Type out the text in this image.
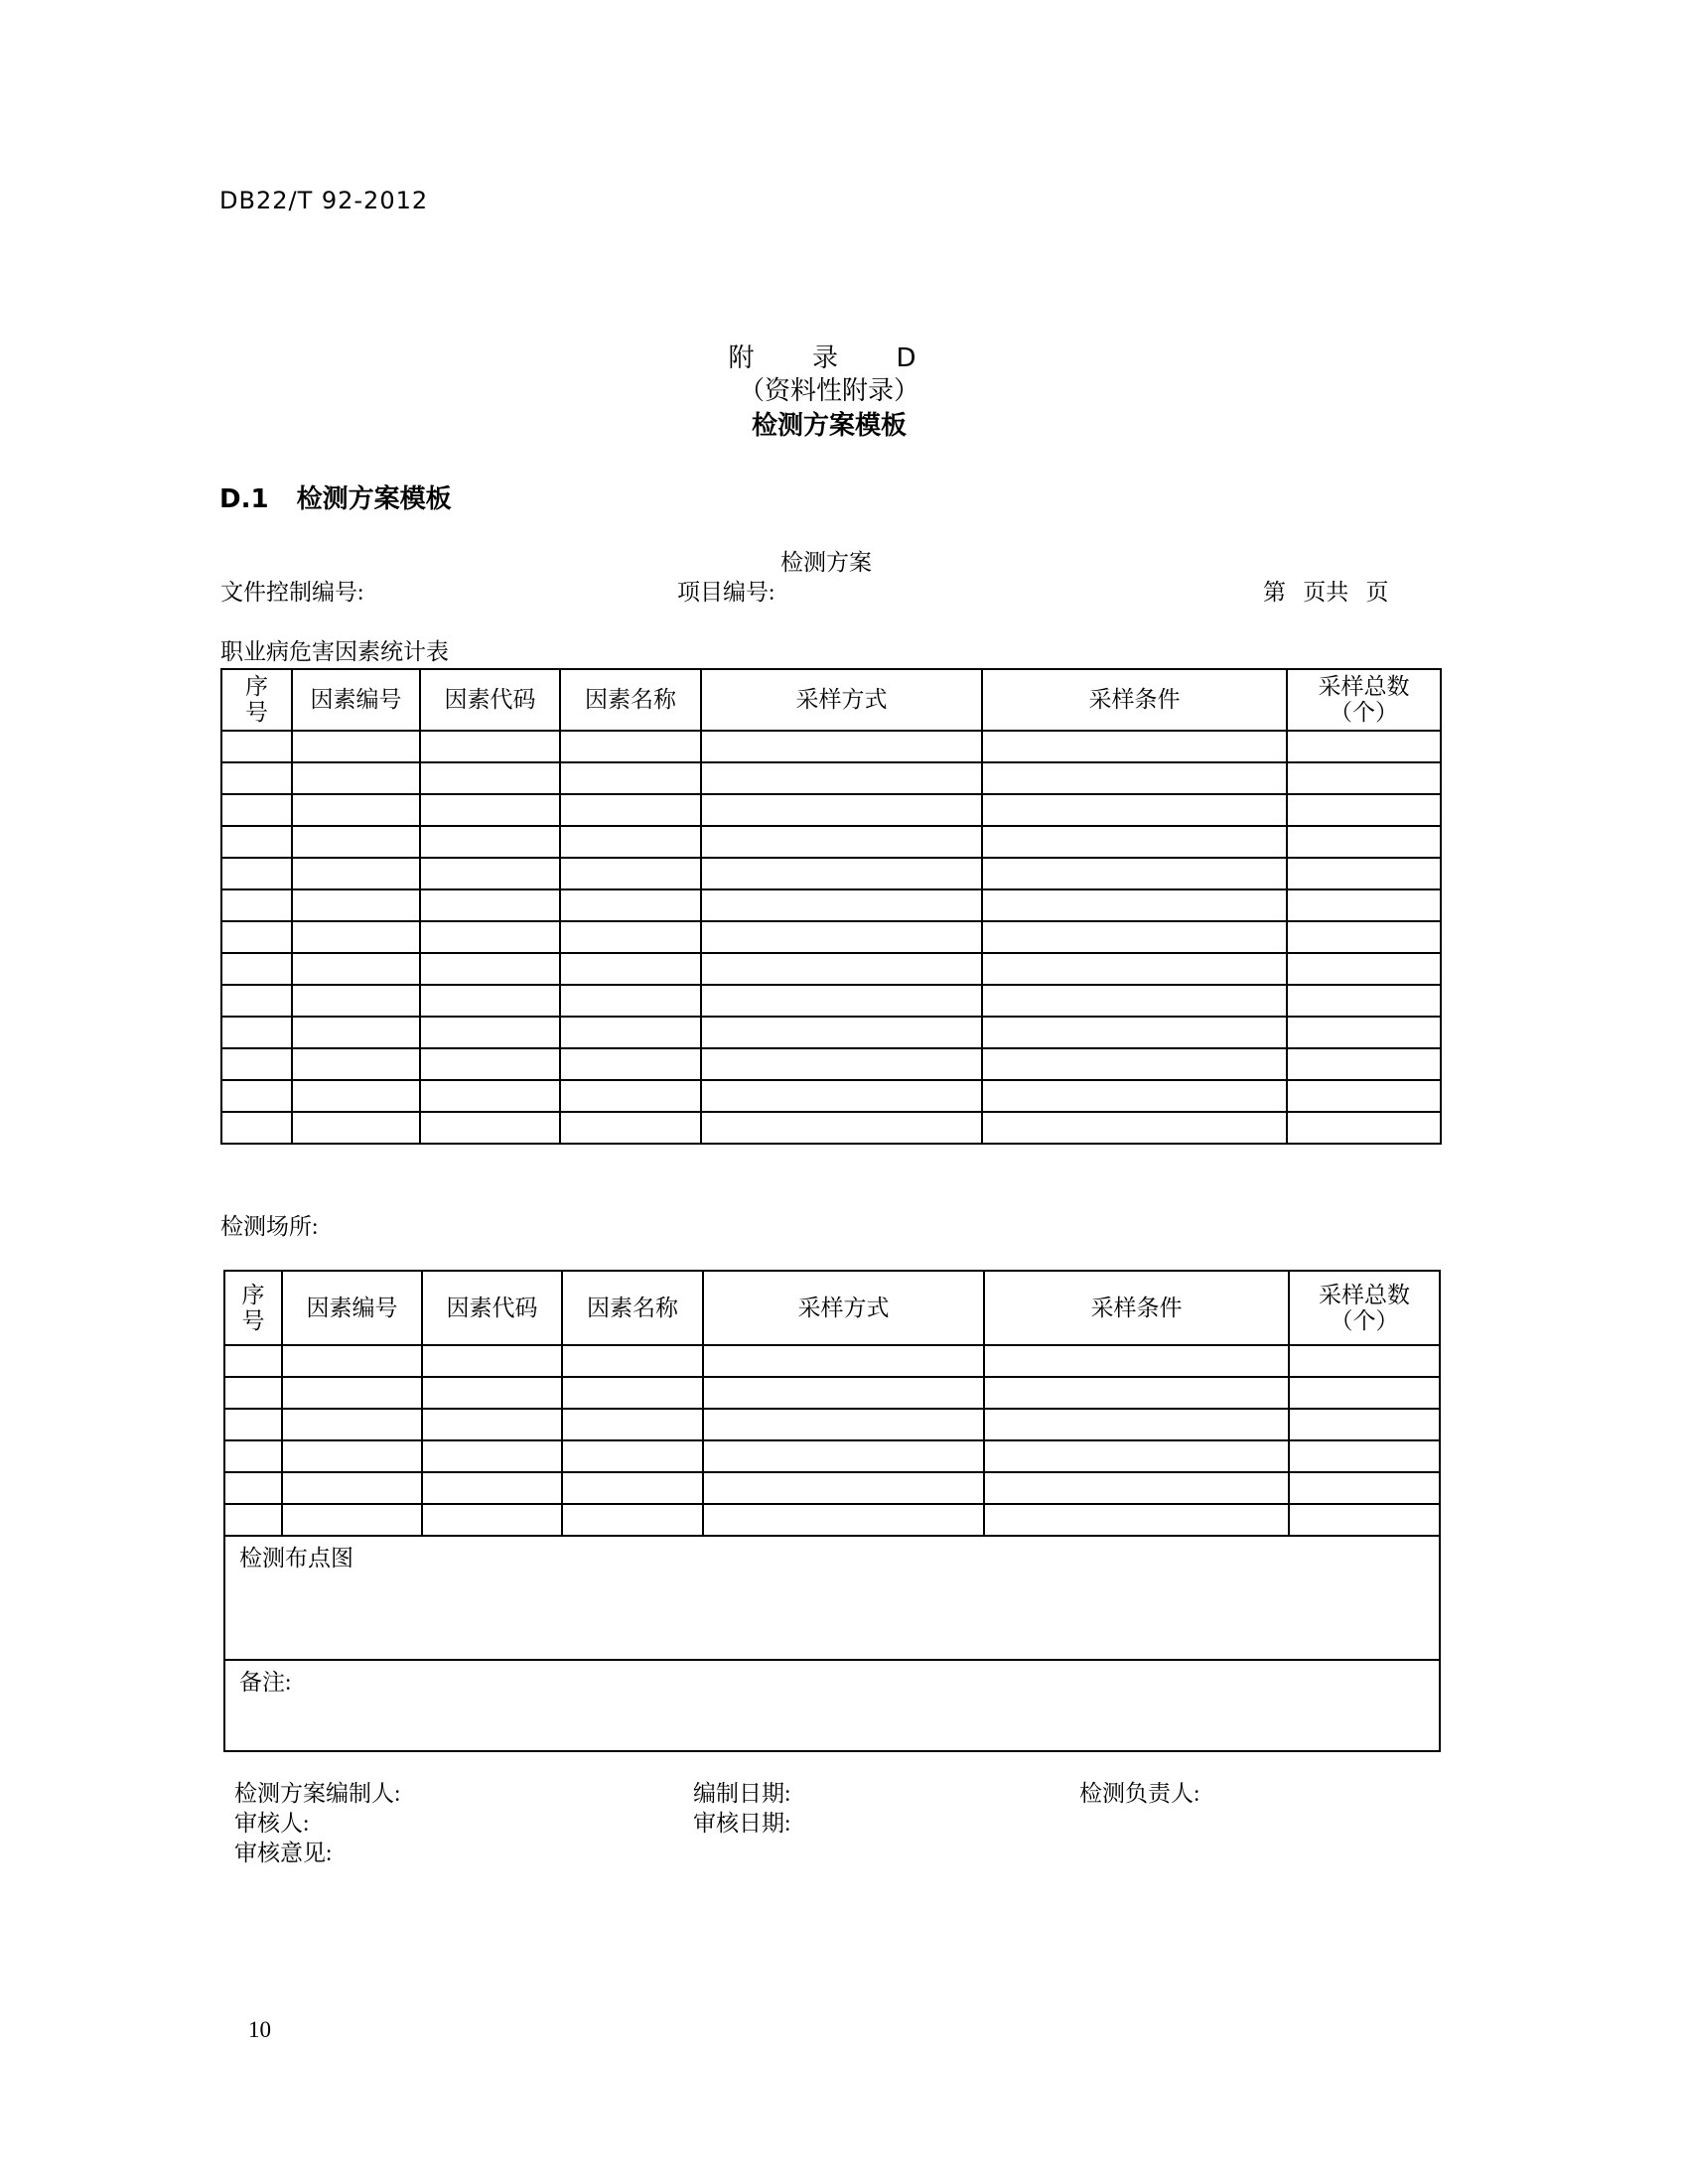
DB22/T 92-2012
附  录  D
（资料性附录）
检测方案模板
D.1 检测方案模板
检测方案
文件控制编号:	项目编号:	第   页共   页
职业病危害因素统计表
序号	因素编号	因素代码	因素名称	采样方式	采样条件	采样总数（个）

检测场所:
序号	因素编号	因素代码	因素名称	采样方式	采样条件	采样总数（个）

检测布点图						
备注:						
检测方案编制人:	编制日期:	检测负责人:
审核人:	审核日期:
审核意见:
10
